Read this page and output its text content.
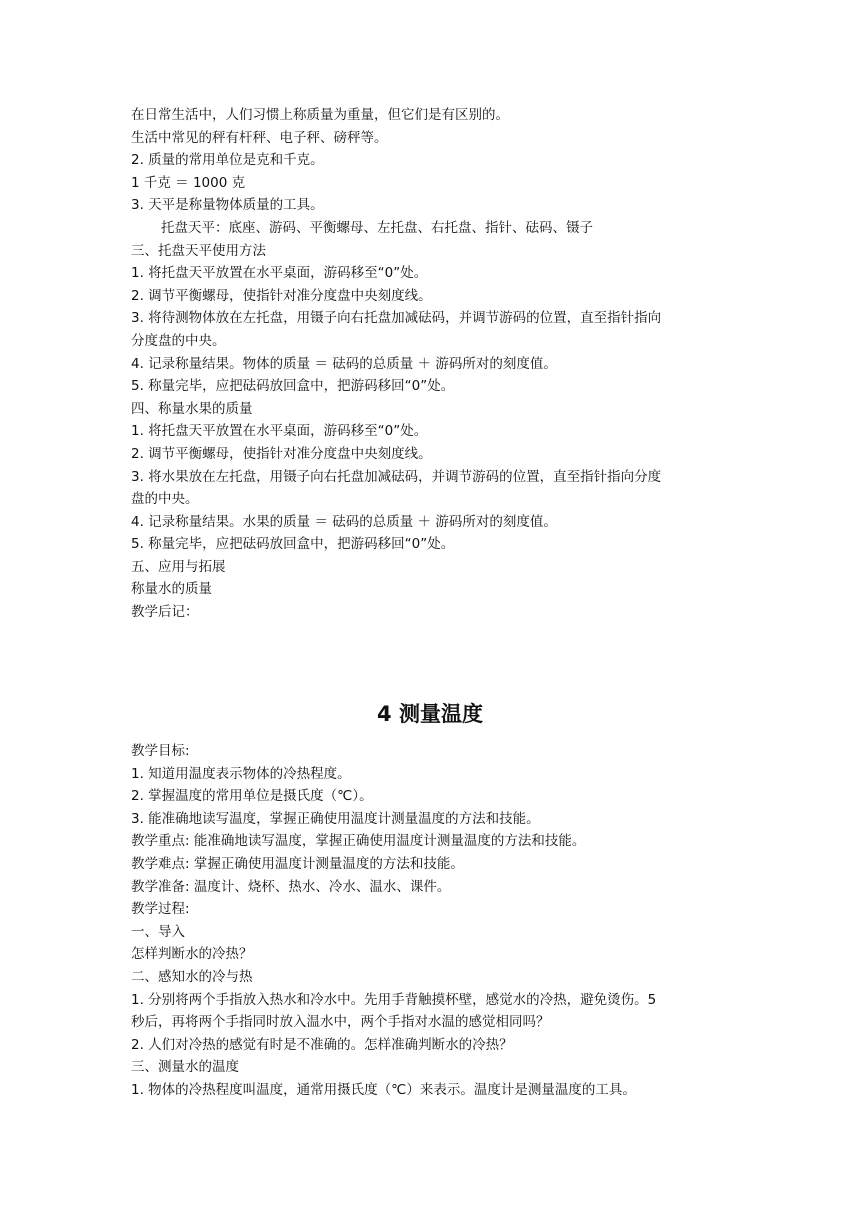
在日常生活中，人们习惯上称质量为重量，但它们是有区别的。
生活中常见的秤有杆秤、电子秤、磅秤等。
2. 质量的常用单位是克和千克。
1 千克 ＝ 1000 克
3. 天平是称量物体质量的工具。
托盘天平：底座、游码、平衡螺母、左托盘、右托盘、指针、砝码、镊子
三、托盘天平使用方法
1. 将托盘天平放置在水平桌面，游码移至“0”处。
2. 调节平衡螺母，使指针对准分度盘中央刻度线。
3. 将待测物体放在左托盘，用镊子向右托盘加减砝码，并调节游码的位置，直至指针指向
分度盘的中央。
4. 记录称量结果。物体的质量 ＝ 砝码的总质量 ＋ 游码所对的刻度值。
5. 称量完毕，应把砝码放回盒中，把游码移回“0”处。
四、称量水果的质量
1. 将托盘天平放置在水平桌面，游码移至“0”处。
2. 调节平衡螺母，使指针对准分度盘中央刻度线。
3. 将水果放在左托盘，用镊子向右托盘加减砝码，并调节游码的位置，直至指针指向分度
盘的中央。
4. 记录称量结果。水果的质量 ＝ 砝码的总质量 ＋ 游码所对的刻度值。
5. 称量完毕，应把砝码放回盒中，把游码移回“0”处。
五、应用与拓展
称量水的质量
教学后记：
4 测量温度
教学目标:
1. 知道用温度表示物体的冷热程度。
2. 掌握温度的常用单位是摄氏度（℃）。
3. 能准确地读写温度，掌握正确使用温度计测量温度的方法和技能。
教学重点: 能准确地读写温度，掌握正确使用温度计测量温度的方法和技能。
教学难点: 掌握正确使用温度计测量温度的方法和技能。
教学准备: 温度计、烧杯、热水、冷水、温水、课件。
教学过程:
一、导入
怎样判断水的冷热？
二、感知水的冷与热
1. 分别将两个手指放入热水和冷水中。先用手背触摸杯壁，感觉水的冷热，避免烫伤。5
秒后，再将两个手指同时放入温水中，两个手指对水温的感觉相同吗？
2. 人们对冷热的感觉有时是不准确的。怎样准确判断水的冷热？
三、测量水的温度
1. 物体的冷热程度叫温度，通常用摄氏度（℃）来表示。温度计是测量温度的工具。
